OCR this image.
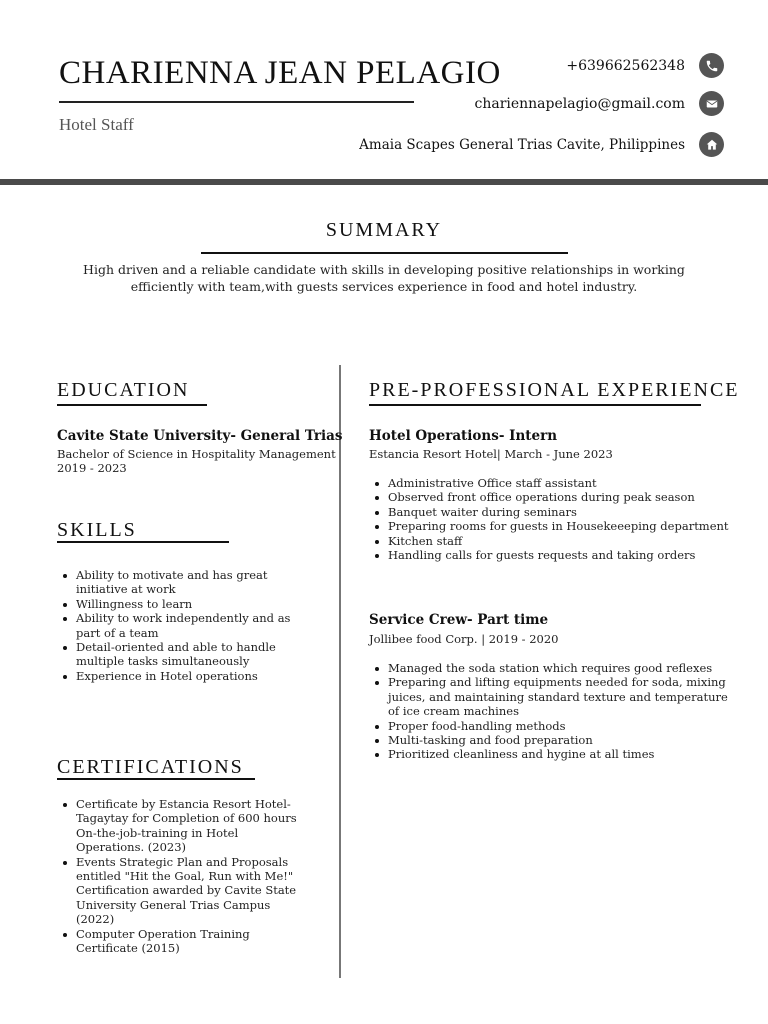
CHARIENNA JEAN PELAGIO
Hotel Staff
+639662562348
chariennapelagio@gmail.com
Amaia Scapes General Trias Cavite, Philippines
SUMMARY
High driven and a reliable candidate with skills in developing positive relationships in working efficiently with team,with guests services experience in food and hotel industry.
EDUCATION
Cavite State University- General Trias
Bachelor of Science in Hospitality Management
2019 - 2023
SKILLS
Ability to motivate and has great initiative at work
Willingness to learn
Ability to work independently and as part of a team
Detail-oriented and able to handle multiple tasks simultaneously
Experience in Hotel operations
CERTIFICATIONS
Certificate by Estancia Resort Hotel-Tagaytay for Completion of 600 hours On-the-job-training in Hotel Operations. (2023)
Events Strategic Plan and Proposals entitled "Hit the Goal, Run with Me!" Certification awarded by Cavite State University General Trias Campus (2022)
Computer Operation Training Certificate (2015)
PRE-PROFESSIONAL EXPERIENCE
Hotel Operations- Intern
Estancia Resort Hotel| March - June 2023
Administrative Office staff assistant
Observed front office operations during peak season
Banquet waiter during seminars
Preparing rooms for guests in Housekeeeping department
Kitchen staff
Handling calls for guests requests and taking orders
Service Crew- Part time
Jollibee food Corp. | 2019 - 2020
Managed the soda station which requires good reflexes
Preparing and lifting equipments needed for soda, mixing juices, and maintaining standard texture and temperature of ice cream machines
Proper food-handling methods
Multi-tasking and food preparation
Prioritized cleanliness and hygine at all times
